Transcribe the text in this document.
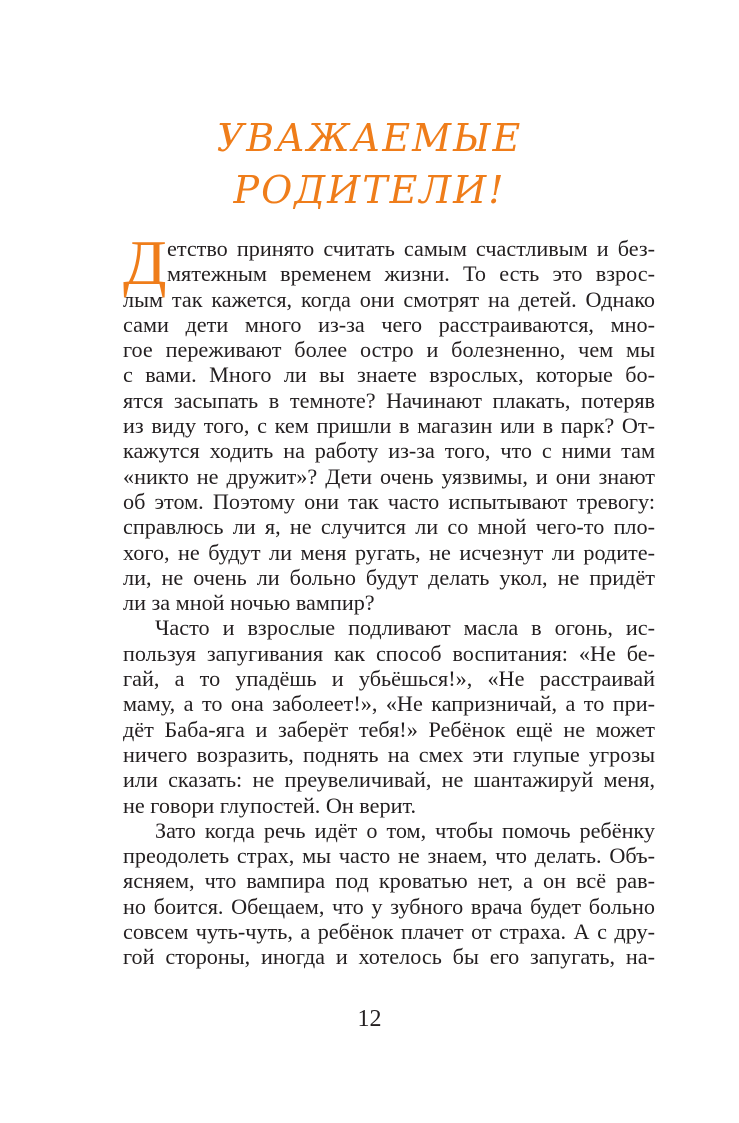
УВАЖАЕМЫЕ
РОДИТЕЛИ!
Д етство принято считать самым счастливым и без-
мятежным временем жизни. То есть это взрос-
лым так кажется, когда они смотрят на детей. Однако
сами дети много из-за чего расстраиваются, мно-
гое переживают более остро и болезненно, чем мы
с вами. Много ли вы знаете взрослых, которые бо-
ятся засыпать в темноте? Начинают плакать, потеряв
из виду того, с кем пришли в магазин или в парк? От-
кажутся ходить на работу из-за того, что с ними там
«никто не дружит»? Дети очень уязвимы, и они знают
об этом. Поэтому они так часто испытывают тревогу:
справлюсь ли я, не случится ли со мной чего-то пло-
хого, не будут ли меня ругать, не исчезнут ли родите-
ли, не очень ли больно будут делать укол, не придёт
ли за мной ночью вампир?
Часто и взрослые подливают масла в огонь, ис-
пользуя запугивания как способ воспитания: «Не бе-
гай, а то упадёшь и убьёшься!», «Не расстраивай
маму, а то она заболеет!», «Не капризничай, а то при-
дёт Баба-яга и заберёт тебя!» Ребёнок ещё не может
ничего возразить, поднять на смех эти глупые угрозы
или сказать: не преувеличивай, не шантажируй меня,
не говори глупостей. Он верит.
Зато когда речь идёт о том, чтобы помочь ребёнку
преодолеть страх, мы часто не знаем, что делать. Объ-
ясняем, что вампира под кроватью нет, а он всё рав-
но боится. Обещаем, что у зубного врача будет больно
совсем чуть-чуть, а ребёнок плачет от страха. А с дру-
гой стороны, иногда и хотелось бы его запугать, на-
12
